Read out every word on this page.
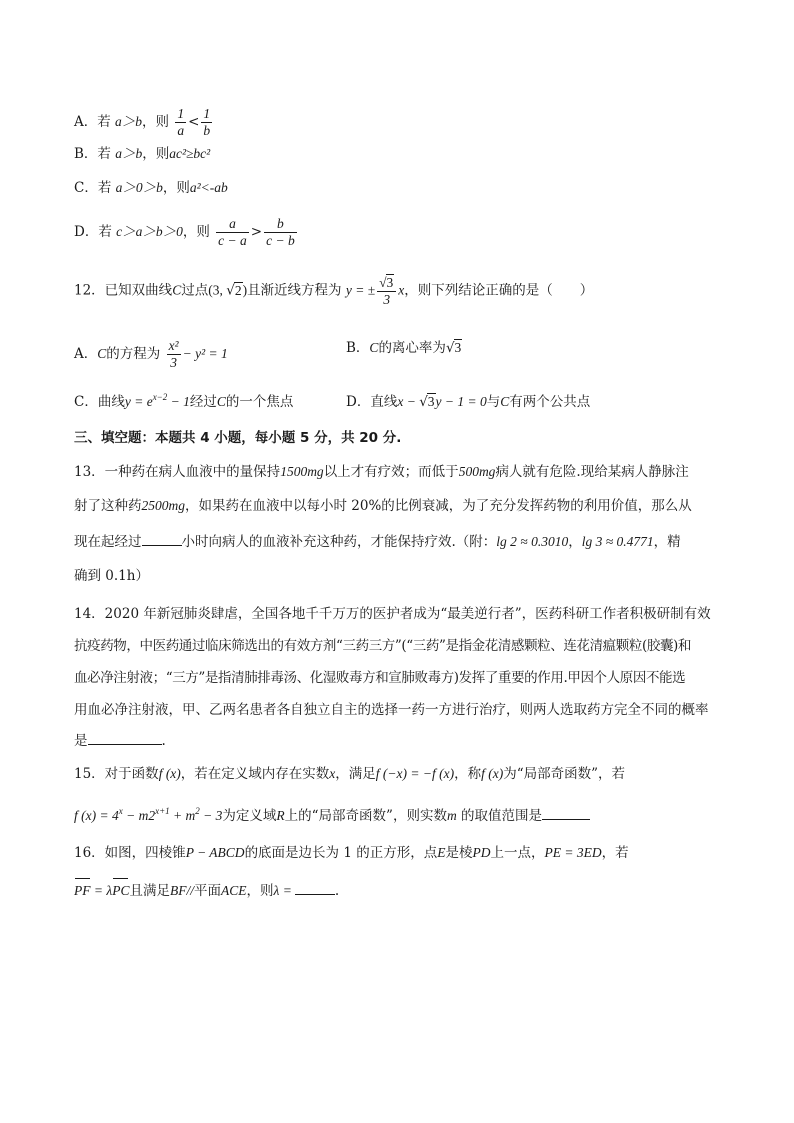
A．若 a＞b，则 $\frac{1}{a} < \frac{1}{b}$
B．若 a＞b，则ac²≥bc²
C．若 a＞0＞b，则a²<-ab
D．若 c＞a＞b＞0，则 $\frac{a}{c - a} > \frac{b}{c - b}$
12．已知双曲线C过点(3, √2)且渐近线方程为 y = ± $\frac{√3}{3}$ x，则下列结论正确的是（　　）
A．C的方程为 $\frac{\text{x²}}{3} - y^2 = 1$	B．C的离心率为√3
C．曲线$y = e^{x-2} - 1$经过C的一个焦点	D．直线x − √3y − 1 = 0与C有两个公共点
三、填空题：本题共 4 小题，每小题 5 分，共 20 分.
13．一种药在病人血液中的量保持1500mg以上才有疗效；而低于500mg病人就有危险.现给某病人静脉注
射了这种药2500mg，如果药在血液中以每小时 20%的比例衰减，为了充分发挥药物的利用价值，那么从
现在起经过	小时向病人的血液补充这种药，才能保持疗效.（附：lg 2 ≈ 0.3010，lg 3 ≈ 0.4771，精
确到 0.1h）
14．2020 年新冠肺炎肆虐，全国各地千千万万的医护者成为“最美逆行者”，医药科研工作者积极研制有效
抗疫药物，中医药通过临床筛选出的有效方剂“三药三方”(“三药”是指金花清感颗粒、连花清瘟颗粒(胶囊)和
血必净注射液；“三方”是指清肺排毒汤、化湿败毒方和宣肺败毒方)发挥了重要的作用.甲因个人原因不能选
用血必净注射液，甲、乙两名患者各自独立自主的选择一药一方进行治疗，则两人选取药方完全不同的概率
是	.
15．对于函数f (x)，若在定义域内存在实数x，满足f (−x) = −f (x)，称f (x)为“局部奇函数”，若
f $(x) = 4^x - m2^{x+1} + m^2 - 3$为定义域R上的“局部奇函数”，则实数m 的取值范围是
16．如图，四棱锥P − ABCD的底面是边长为 1 的正方形，点E是棱PD上一点，PE = 3ED，若
PF = λPC且满足BF//平面ACE，则λ =	.
